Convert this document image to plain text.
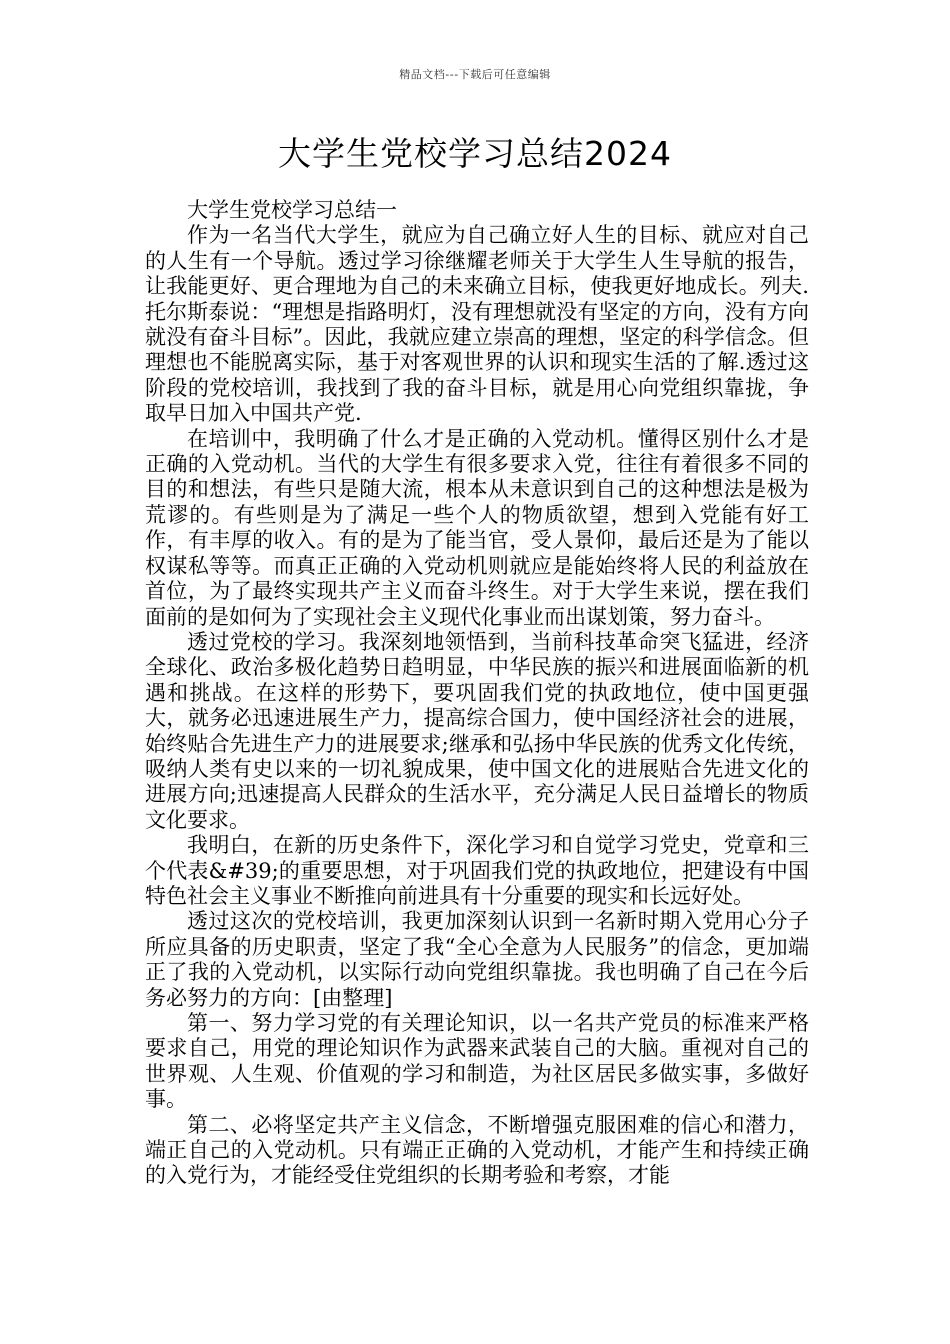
精品文档---下载后可任意编辑
大学生党校学习总结2024

大学生党校学习总结一

作为一名当代大学生，就应为自己确立好人生的目标、就应对自己的人生有一个导航。透过学习徐继耀老师关于大学生人生导航的报告，让我能更好、更合理地为自己的未来确立目标，使我更好地成长。列夫.托尔斯泰说：“理想是指路明灯，没有理想就没有坚定的方向，没有方向就没有奋斗目标”。因此，我就应建立崇高的理想，坚定的科学信念。但理想也不能脱离实际，基于对客观世界的认识和现实生活的了解.透过这阶段的党校培训，我找到了我的奋斗目标，就是用心向党组织靠拢，争取早日加入中国共产党.

在培训中，我明确了什么才是正确的入党动机。懂得区别什么才是正确的入党动机。当代的大学生有很多要求入党，往往有着很多不同的目的和想法，有些只是随大流，根本从未意识到自己的这种想法是极为荒谬的。有些则是为了满足一些个人的物质欲望，想到入党能有好工作，有丰厚的收入。有的是为了能当官，受人景仰，最后还是为了能以权谋私等等。而真正正确的入党动机则就应是能始终将人民的利益放在首位，为了最终实现共产主义而奋斗终生。对于大学生来说，摆在我们面前的是如何为了实现社会主义现代化事业而出谋划策，努力奋斗。

透过党校的学习。我深刻地领悟到，当前科技革命突飞猛进，经济全球化、政治多极化趋势日趋明显，中华民族的振兴和进展面临新的机遇和挑战。在这样的形势下，要巩固我们党的执政地位，使中国更强大，就务必迅速进展生产力，提高综合国力，使中国经济社会的进展，始终贴合先进生产力的进展要求;继承和弘扬中华民族的优秀文化传统，吸纳人类有史以来的一切礼貌成果，使中国文化的进展贴合先进文化的进展方向;迅速提高人民群众的生活水平，充分满足人民日益增长的物质文化要求。

我明白，在新的历史条件下，深化学习和自觉学习党史，党章和三个代表&#39;的重要思想，对于巩固我们党的执政地位，把建设有中国特色社会主义事业不断推向前进具有十分重要的现实和长远好处。

透过这次的党校培训，我更加深刻认识到一名新时期入党用心分子所应具备的历史职责，坚定了我“全心全意为人民服务”的信念，更加端正了我的入党动机，以实际行动向党组织靠拢。我也明确了自己在今后务必努力的方向：[由整理]

第一、努力学习党的有关理论知识，以一名共产党员的标准来严格要求自己，用党的理论知识作为武器来武装自己的大脑。重视对自己的世界观、人生观、价值观的学习和制造，为社区居民多做实事，多做好事。

第二、必将坚定共产主义信念，不断增强克服困难的信心和潜力，端正自己的入党动机。只有端正正确的入党动机，才能产生和持续正确的入党行为，才能经受住党组织的长期考验和考察，才能
